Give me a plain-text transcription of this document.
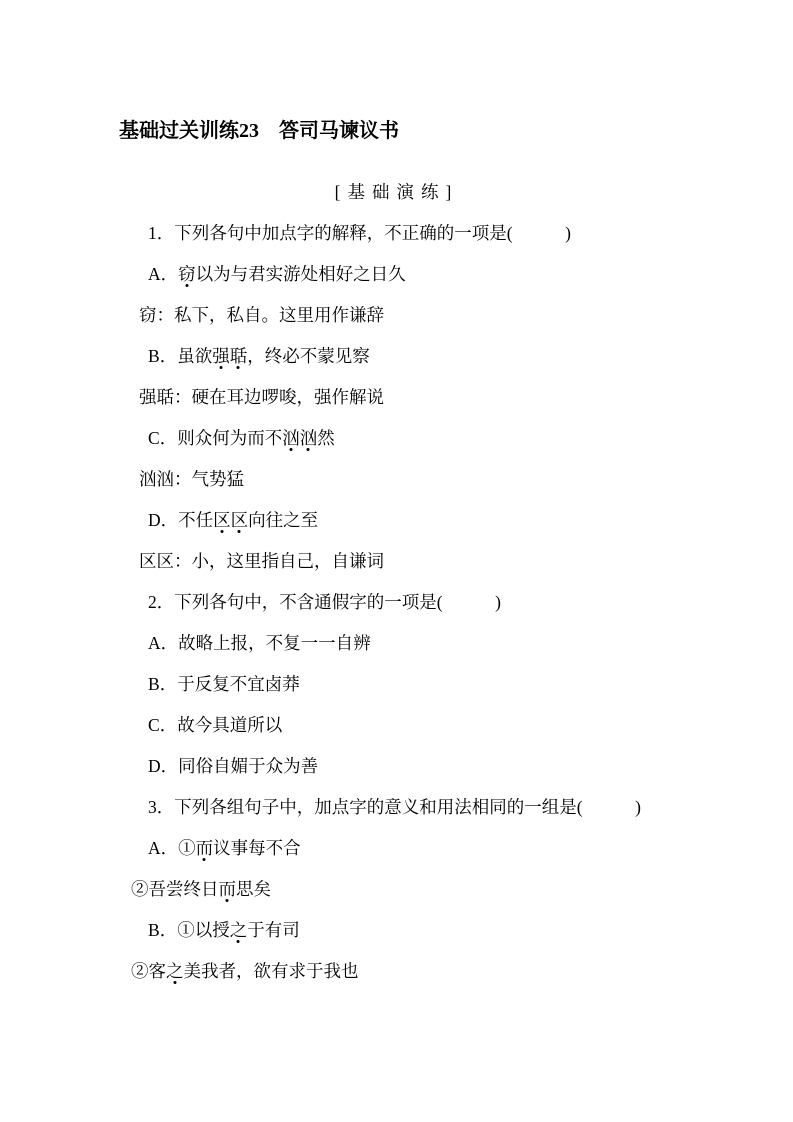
基础过关训练23　答司马谏议书
[基础演练]
1．下列各句中加点字的解释，不正确的一项是(　　　	)
A．窃以为与君实游处相好之日久
窃：私下，私自。这里用作谦辞
B．虽欲强聒，终必不蒙见察
强聒：硬在耳边啰唆，强作解说
C．则众何为而不汹汹然
汹汹：气势猛
D．不任区区向往之至
区区：小，这里指自己，自谦词
2．下列各句中，不含通假字的一项是(　　　	)
A．故略上报，不复一一自辨
B．于反复不宜卤莽
C．故今具道所以
D．同俗自媚于众为善
3．下列各组句子中，加点字的意义和用法相同的一组是(　　　	)
A．①而议事每不合
②吾尝终日而思矣
B．①以授之于有司
②客之美我者，欲有求于我也
